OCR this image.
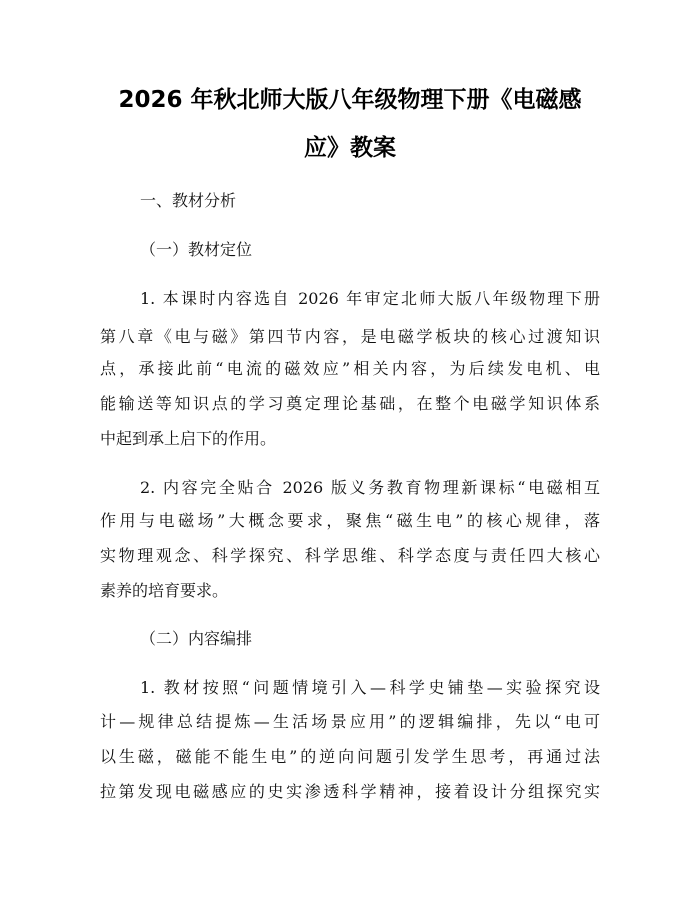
2026 年秋北师大版八年级物理下册《电磁感
应》教案
一、教材分析
（一）教材定位
1. 本课时内容选自 2026 年审定北师大版八年级物理下册
第八章《电与磁》第四节内容，是电磁学板块的核心过渡知识
点，承接此前“电流的磁效应”相关内容，为后续发电机、电
能输送等知识点的学习奠定理论基础，在整个电磁学知识体系
中起到承上启下的作用。
2. 内容完全贴合 2026 版义务教育物理新课标“电磁相互
作用与电磁场”大概念要求，聚焦“磁生电”的核心规律，落
实物理观念、科学探究、科学思维、科学态度与责任四大核心
素养的培育要求。
（二）内容编排
1. 教材按照“问题情境引入—科学史铺垫—实验探究设
计—规律总结提炼—生活场景应用”的逻辑编排，先以“电可
以生磁，磁能不能生电”的逆向问题引发学生思考，再通过法
拉第发现电磁感应的史实渗透科学精神，接着设计分组探究实
